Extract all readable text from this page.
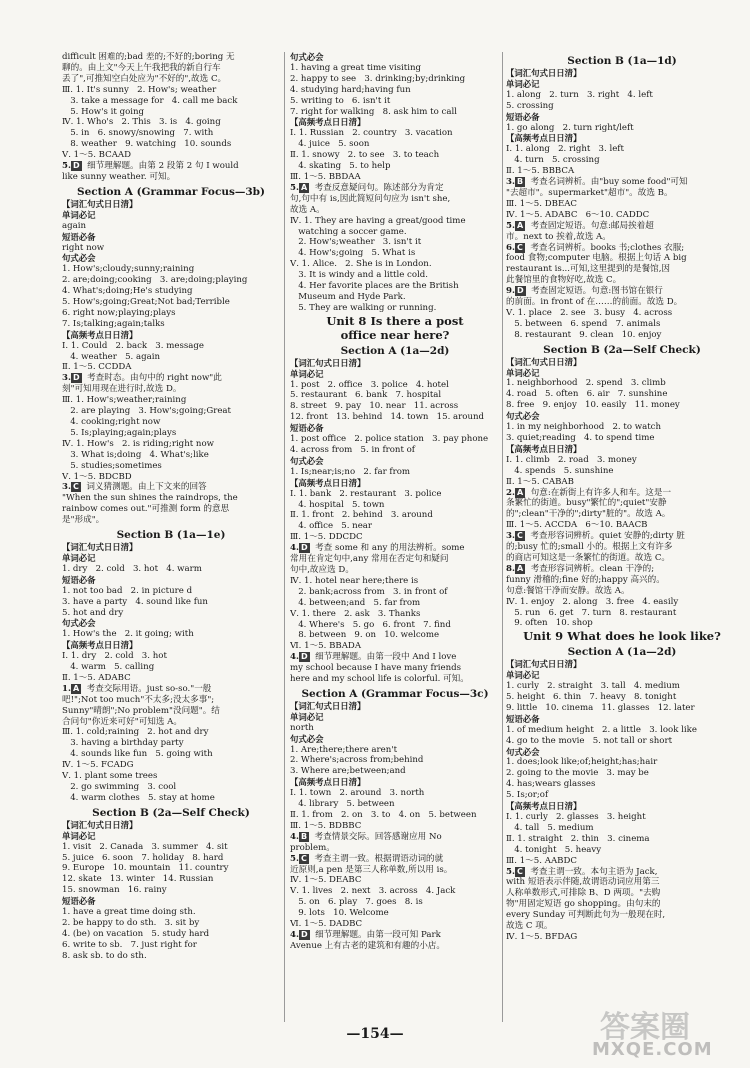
difficult 困难的;bad 差的;不好的;boring 无
聊的。由上文"今天上午我把我的新自行车
丢了",可推知空白处应为"不好的",故选 C。
Ⅲ. 1. It's sunny   2. How's; weather
3. take a message for   4. call me back
5. How's it going
Ⅳ. 1. Who's   2. This   3. is   4. going
5. in   6. snowy/snowing   7. with
8. weather   9. watching   10. sounds
Ⅴ. 1～5. BCAAD
5. D  细节理解题。由第 2 段第 2 句 I would
like sunny weather. 可知。
Section A (Grammar Focus—3b)
【词汇句式日日清】
单词必记
again
短语必备
right now
句式必会
1. How's;cloudy;sunny;raining
2. are;doing;cooking   3. are;doing;playing
4. What's;doing;He's studying
5. How's;going;Great;Not bad;Terrible
6. right now;playing;plays
7. Is;talking;again;talks
【高频考点日日清】
Ⅰ. 1. Could   2. back   3. message
4. weather   5. again
Ⅱ. 1～5. CCDDA
3. D  考查时态。由句中的 right now"此
刻"可知用现在进行时,故选 D。
Ⅲ. 1. How's;weather;raining
2. are playing   3. How's;going;Great
4. cooking;right now
5. Is;playing;again;plays
Ⅳ. 1. How's   2. is riding;right now
3. What is;doing   4. What's;like
5. studies;sometimes
Ⅴ. 1～5. BDCBD
3. C  词义猜测题。由上下文来的回答
"When the sun shines the raindrops, the
rainbow comes out."可推测 form 的意思
是"形成"。
Section B (1a—1e)
【词汇句式日日清】
单词必记
1. dry   2. cold   3. hot   4. warm
短语必备
1. not too bad   2. in picture d
3. have a party   4. sound like fun
5. hot and dry
句式必会
1. How's the   2. it going; with
【高频考点日日清】
Ⅰ. 1. dry   2. cold   3. hot
4. warm   5. calling
Ⅱ. 1～5. ADABC
1. A  考查交际用语。just so-so."一般
吧!";Not too much"不太多;没太多事";
Sunny"晴朗";No problem"没问题"。结
合问句"你近来可好"可知选 A。
Ⅲ. 1. cold;raining   2. hot and dry
3. having a birthday party
4. sounds like fun   5. going with
Ⅳ. 1～5. FCADG
Ⅴ. 1. plant some trees
2. go swimming   3. cool
4. warm clothes   5. stay at home
Section B (2a—Self Check)
【词汇句式日日清】
单词必记
1. visit   2. Canada   3. summer   4. sit
5. juice   6. soon   7. holiday   8. hard
9. Europe   10. mountain   11. country
12. skate   13. winter   14. Russian
15. snowman   16. rainy
短语必备
1. have a great time doing sth.
2. be happy to do sth.   3. sit by
4. (be) on vacation   5. study hard
6. write to sb.   7. just right for
8. ask sb. to do sth.
句式必会
1. having a great time visiting
2. happy to see   3. drinking;by;drinking
4. studying hard;having fun
5. writing to   6. isn't it
7. right for walking   8. ask him to call
【高频考点日日清】
Ⅰ. 1. Russian   2. country   3. vacation
4. juice   5. soon
Ⅱ. 1. snowy   2. to see   3. to teach
4. skating   5. to help
Ⅲ. 1～5. BBDAA
5. A  考查反意疑问句。陈述部分为肯定
句,句中有 is,因此简短问句应为 isn't she,
故选 A。
Ⅳ. 1. They are having a great/good time
watching a soccer game.
2. How's;weather   3. isn't it
4. How's;going   5. What is
Ⅴ. 1. Alice.   2. She is in London.
3. It is windy and a little cold.
4. Her favorite places are the British
Museum and Hyde Park.
5. They are walking or running.
Unit 8 Is there a post
office near here?
Section A (1a—2d)
【词汇句式日日清】
单词必记
1. post   2. office   3. police   4. hotel
5. restaurant   6. bank   7. hospital
8. street   9. pay   10. near   11. across
12. front   13. behind   14. town   15. around
短语必备
1. post office   2. police station   3. pay phone
4. across from   5. in front of
句式必会
1. Is;near;is;no   2. far from
【高频考点日日清】
Ⅰ. 1. bank   2. restaurant   3. police
4. hospital   5. town
Ⅱ. 1. front   2. behind   3. around
4. office   5. near
Ⅲ. 1～5. DDCDC
4. D  考查 some 和 any 的用法辨析。some
常用在肯定句中,any 常用在否定句和疑问
句中,故应选 D。
Ⅳ. 1. hotel near here;there is
2. bank;across from   3. in front of
4. between;and   5. far from
Ⅴ. 1. there   2. ask   3. Thanks
4. Where's   5. go   6. front   7. find
8. between   9. on   10. welcome
Ⅵ. 1～5. BBADA
4. D  细节理解题。由第一段中 And I love
my school because I have many friends
here and my school life is colorful. 可知。
Section A (Grammar Focus—3c)
【词汇句式日日清】
单词必记
north
句式必会
1. Are;there;there aren't
2. Where's;across from;behind
3. Where are;between;and
【高频考点日日清】
Ⅰ. 1. town   2. around   3. north
4. library   5. between
Ⅱ. 1. from   2. on   3. to   4. on   5. between
Ⅲ. 1～5. BDBBC
4. B  考查情景交际。回答感谢应用 No
problem。
5. C  考查主谓一致。根据谓语动词的就
近原则,a pen 是第三人称单数,所以用 is。
Ⅳ. 1～5. DEABC
Ⅴ. 1. lives   2. next   3. across   4. Jack
5. on   6. play   7. goes   8. is
9. lots   10. Welcome
Ⅵ. 1～5. DADBC
4. D  细节理解题。由第一段可知 Park
Avenue 上有古老的建筑和有趣的小店。
Section B (1a—1d)
【词汇句式日日清】
单词必记
1. along   2. turn   3. right   4. left
5. crossing
短语必备
1. go along   2. turn right/left
【高频考点日日清】
Ⅰ. 1. along   2. right   3. left
4. turn   5. crossing
Ⅱ. 1～5. BBBCA
3. B  考查名词辨析。由"buy some food"可知
"去超市"。supermarket"超市"。故选 B。
Ⅲ. 1～5. DBEAC
Ⅳ. 1～5. ADABC   6～10. CADDC
5. A  考查固定短语。句意:邮局挨着超
市。next to 挨着,故选 A。
6. C  考查名词辨析。books 书;clothes 衣服;
food 食物;computer 电脑。根据上句话 A big
restaurant is...可知,这里提到的是餐馆,因
此餐馆里的食物好吃,故选 C。
9. D  考查固定短语。句意:图书馆在银行
的前面。in front of 在……的前面。故选 D。
Ⅴ. 1. place   2. see   3. busy   4. across
5. between   6. spend   7. animals
8. restaurant   9. clean   10. enjoy
Section B (2a—Self Check)
【词汇句式日日清】
单词必记
1. neighborhood   2. spend   3. climb
4. road   5. often   6. air   7. sunshine
8. free   9. enjoy   10. easily   11. money
句式必会
1. in my neighborhood   2. to watch
3. quiet;reading   4. to spend time
【高频考点日日清】
Ⅰ. 1. climb   2. road   3. money
4. spends   5. sunshine
Ⅱ. 1～5. CABAB
2. A  句意:在新街上有许多人和车。这是一
条繁忙的街道。busy"繁忙的";quiet"安静
的";clean"干净的";dirty"脏的"。故选 A。
Ⅲ. 1～5. ACCDA   6～10. BAACB
3. C  考查形容词辨析。quiet 安静的;dirty 脏
的;busy 忙的;small 小的。根据上文有许多
的商店可知这是一条繁忙的街道。故选 C。
8. A  考查形容词辨析。clean 干净的;
funny 滑稽的;fine 好的;happy 高兴的。
句意:餐馆干净而安静。故选 A。
Ⅳ. 1. enjoy   2. along   3. free   4. easily
5. run   6. get   7. turn   8. restaurant
9. often   10. shop
Unit 9 What does he look like?
Section A (1a—2d)
【词汇句式日日清】
单词必记
1. curly   2. straight   3. tall   4. medium
5. height   6. thin   7. heavy   8. tonight
9. little   10. cinema   11. glasses   12. later
短语必备
1. of medium height   2. a little   3. look like
4. go to the movie   5. not tall or short
句式必会
1. does;look like;of;height;has;hair
2. going to the movie   3. may be
4. has;wears glasses
5. Is;or;of
【高频考点日日清】
Ⅰ. 1. curly   2. glasses   3. height
4. tall   5. medium
Ⅱ. 1. straight   2. thin   3. cinema
4. tonight   5. heavy
Ⅲ. 1～5. AABDC
5. C  考查主谓一致。本句主语为 Jack,
with 短语表示伴随,故谓语动词应用第三
人称单数形式,可排除 B、D 两项。"去购
物"用固定短语 go shopping。由句末的
every Sunday 可判断此句为一般现在时,
故选 C 项。
Ⅳ. 1～5. BFDAG
—154—	答案圈
MXQE.COM
